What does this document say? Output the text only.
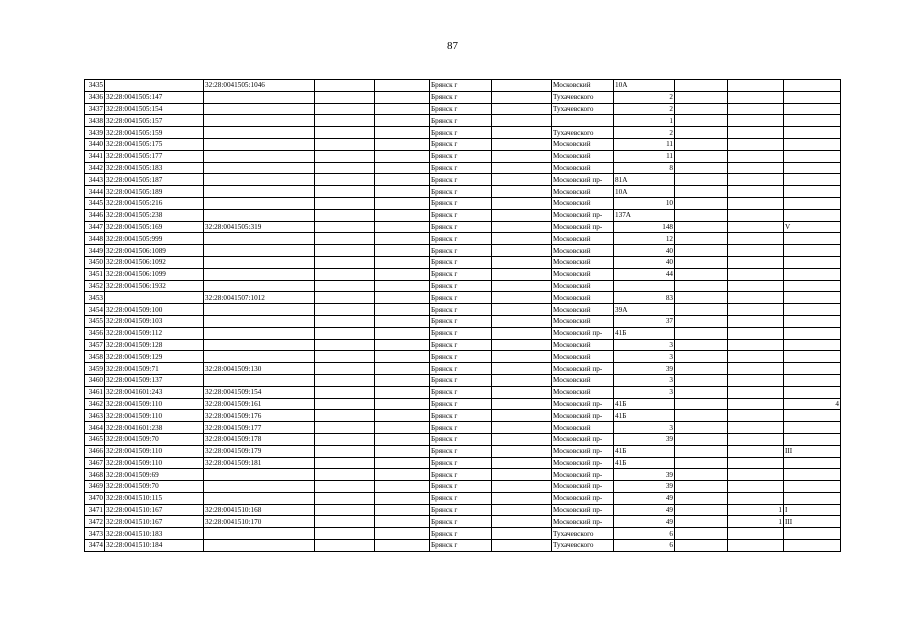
87
3435		32:28:0041505:1046			Брянск г		Московский	10А			
3436	32:28:0041505:147				Брянск г		Тухачевского	2			
3437	32:28:0041505:154				Брянск г		Тухачевского	2			
3438	32:28:0041505:157				Брянск г			1			
3439	32:28:0041505:159				Брянск г		Тухачевского	2			
3440	32:28:0041505:175				Брянск г		Московский	11			
3441	32:28:0041505:177				Брянск г		Московский	11			
3442	32:28:0041505:183				Брянск г		Московский	8			
3443	32:28:0041505:187				Брянск г		Московский пр-	81А			
3444	32:28:0041505:189				Брянск г		Московский	10А			
3445	32:28:0041505:216				Брянск г		Московский	10			
3446	32:28:0041505:238				Брянск г		Московский пр-	137А			
3447	32:28:0041505:169	32:28:0041505:319			Брянск г		Московский пр-	148			V
3448	32:28:0041505:999				Брянск г		Московский	12			
3449	32:28:0041506:1089				Брянск г		Московский	40			
3450	32:28:0041506:1092				Брянск г		Московский	40			
3451	32:28:0041506:1099				Брянск г		Московский	44			
3452	32:28:0041506:1932				Брянск г		Московский				
3453		32:28:0041507:1012			Брянск г		Московский	83			
3454	32:28:0041509:100				Брянск г		Московский	39А			
3455	32:28:0041509:103				Брянск г		Московский	37			
3456	32:28:0041509:112				Брянск г		Московский пр-	41Б			
3457	32:28:0041509:128				Брянск г		Московский	3			
3458	32:28:0041509:129				Брянск г		Московский	3			
3459	32:28:0041509:71	32:28:0041509:130			Брянск г		Московский пр-	39			
3460	32:28:0041509:137				Брянск г		Московский	3			
3461	32:28:0041601:243	32:28:0041509:154			Брянск г		Московский	3			
3462	32:28:0041509:110	32:28:0041509:161			Брянск г		Московский пр-	41Б			4
3463	32:28:0041509:110	32:28:0041509:176			Брянск г		Московский пр-	41Б			
3464	32:28:0041601:238	32:28:0041509:177			Брянск г		Московский	3			
3465	32:28:0041509:70	32:28:0041509:178			Брянск г		Московский пр-	39			
3466	32:28:0041509:110	32:28:0041509:179			Брянск г		Московский пр-	41Б			III
3467	32:28:0041509:110	32:28:0041509:181			Брянск г		Московский пр-	41Б			
3468	32:28:0041509:69				Брянск г		Московский пр-	39			
3469	32:28:0041509:70				Брянск г		Московский пр-	39			
3470	32:28:0041510:115				Брянск г		Московский пр-	49			
3471	32:28:0041510:167	32:28:0041510:168			Брянск г		Московский пр-	49		1	I
3472	32:28:0041510:167	32:28:0041510:170			Брянск г		Московский пр-	49		1	III
3473	32:28:0041510:183				Брянск г		Тухачевского	6			
3474	32:28:0041510:184				Брянск г		Тухачевского	6			
